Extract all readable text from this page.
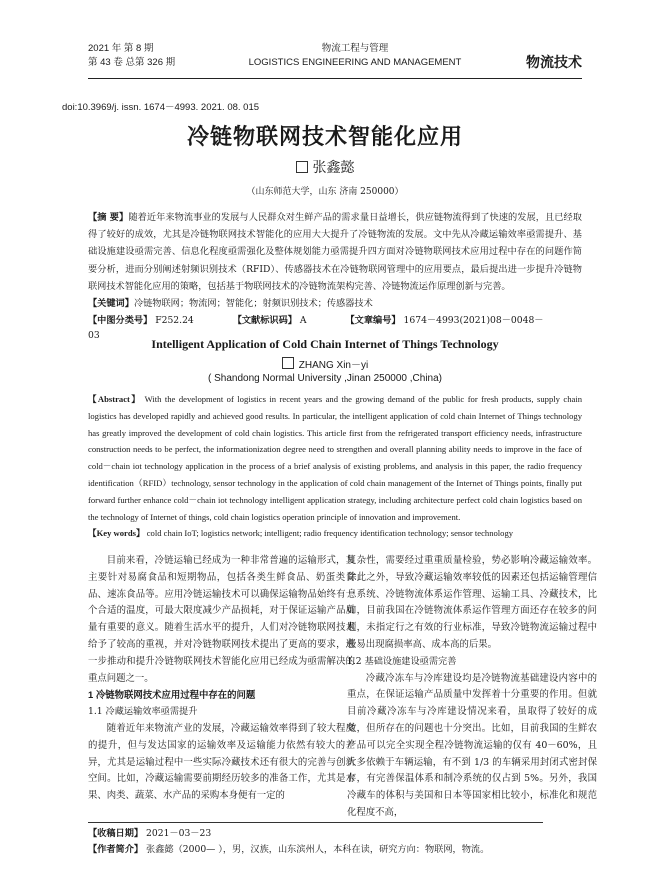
2021 年 第 8 期
第 43 卷 总第 326 期
物流工程与管理
LOGISTICS ENGINEERING AND MANAGEMENT	物流技术
doi:10.3969/j. issn. 1674－4993. 2021. 08. 015
冷链物联网技术智能化应用
张鑫懿
（山东师范大学，山东 济南 250000）
【摘 要】随着近年来物流事业的发展与人民群众对生鲜产品的需求量日益增长，供应链物流得到了快速的发展，且已经取得了较好的成效，尤其是冷链物联网技术智能化的应用大大提升了冷链物流的发展。文中先从冷藏运输效率亟需提升、基础设施建设亟需完善、信息化程度亟需强化及整体规划能力亟需提升四方面对冷链物联网技术应用过程中存在的问题作简要分析，进而分别阐述射频识别技术（RFID）、传感器技术在冷链物联网管理中的应用要点，最后提出进一步提升冷链物联网技术智能化应用的策略，包括基于物联网技术的冷链物流架构完善、冷链物流运作原理创新与完善。
【关键词】冷链物联网；物流网；智能化；射频识别技术；传感器技术
【中图分类号】 F252.24	【文献标识码】 A	【文章编号】 1674－4993(2021)08－0048－03
Intelligent Application of Cold Chain Internet of Things Technology
ZHANG Xin－yi
( Shandong Normal University ,Jinan 250000 ,China)
【Abstract】 With the development of logistics in recent years and the growing demand of the public for fresh products, supply chain logistics has developed rapidly and achieved good results. In particular, the intelligent application of cold chain Internet of Things technology has greatly improved the development of cold chain logistics. This article first from the refrigerated transport efficiency needs, infrastructure construction needs to be perfect, the informationization degree need to strengthen and overall planning ability needs to improve in the face of cold－chain iot technology application in the process of a brief analysis of existing problems, and analysis in this paper, the radio frequency identification（RFID）technology, sensor technology in the application of cold chain management of the Internet of Things points, finally put forward further enhance cold－chain iot technology intelligent application strategy, including architecture perfect cold chain logistics based on the technology of Internet of things, cold chain logistics operation principle of innovation and improvement.
【Key words】 cold chain IoT; logistics network; intelligent; radio frequency identification technology; sensor technology

目前来看，冷链运输已经成为一种非常普遍的运输形式，其主要针对易腐食品和短期物品，包括各类生鲜食品、奶蛋类食品、速冻食品等。应用冷链运输技术可以确保运输物品始终有一个合适的温度，可最大限度减少产品损耗，对于保证运输产品质量有重要的意义。随着生活水平的提升，人们对冷链物联网技术给予了较高的重视，并对冷链物联网技术提出了更高的要求，进一步推动和提升冷链物联网技术智能化应用已经成为亟需解决的重点问题之一。

1 冷链物联网技术应用过程中存在的问题
1.1 冷藏运输效率亟需提升

随着近年来物流产业的发展，冷藏运输效率得到了较大程度的提升，但与发达国家的运输效率及运输能力依然有较大的差异，尤其是运输过程中一些实际冷藏技术还有很大的完善与创新空间。比如，冷藏运输需要前期经历较多的准备工作，尤其是水果、肉类、蔬菜、水产品的采购本身便有一定的

复杂性，需要经过重重质量检验，势必影响冷藏运输效率。除此之外，导致冷藏运输效率较低的因素还包括运输管理信息系统、冷链物流体系运作管理、运输工具、冷藏技术，比如，目前我国在冷链物流体系运作管理方面还存在较多的问题，未指定行之有效的行业标准，导致冷链物流运输过程中极易出现腐损率高、成本高的后果。

1.2 基础设施建设亟需完善

冷藏冷冻车与冷库建设均是冷链物流基础建设内容中的重点，在保证运输产品质量中发挥着十分重要的作用。但就目前冷藏冷冻车与冷库建设情况来看，虽取得了较好的成效，但所存在的问题也十分突出。比如，目前我国的生鲜农产品可以完全实现全程冷链物流运输的仅有 40－60%，且大多依赖于车辆运输，有不到 1/3 的车辆采用封闭式密封保存，有完善保温体系和制冷系统的仅占到 5%。另外，我国冷藏车的体积与美国和日本等国家相比较小，标准化和规范化程度不高，

【收稿日期】 2021－03－23
【作者简介】 张鑫懿（2000— ），男，汉族，山东滨州人，本科在读，研究方向：物联网，物流。
